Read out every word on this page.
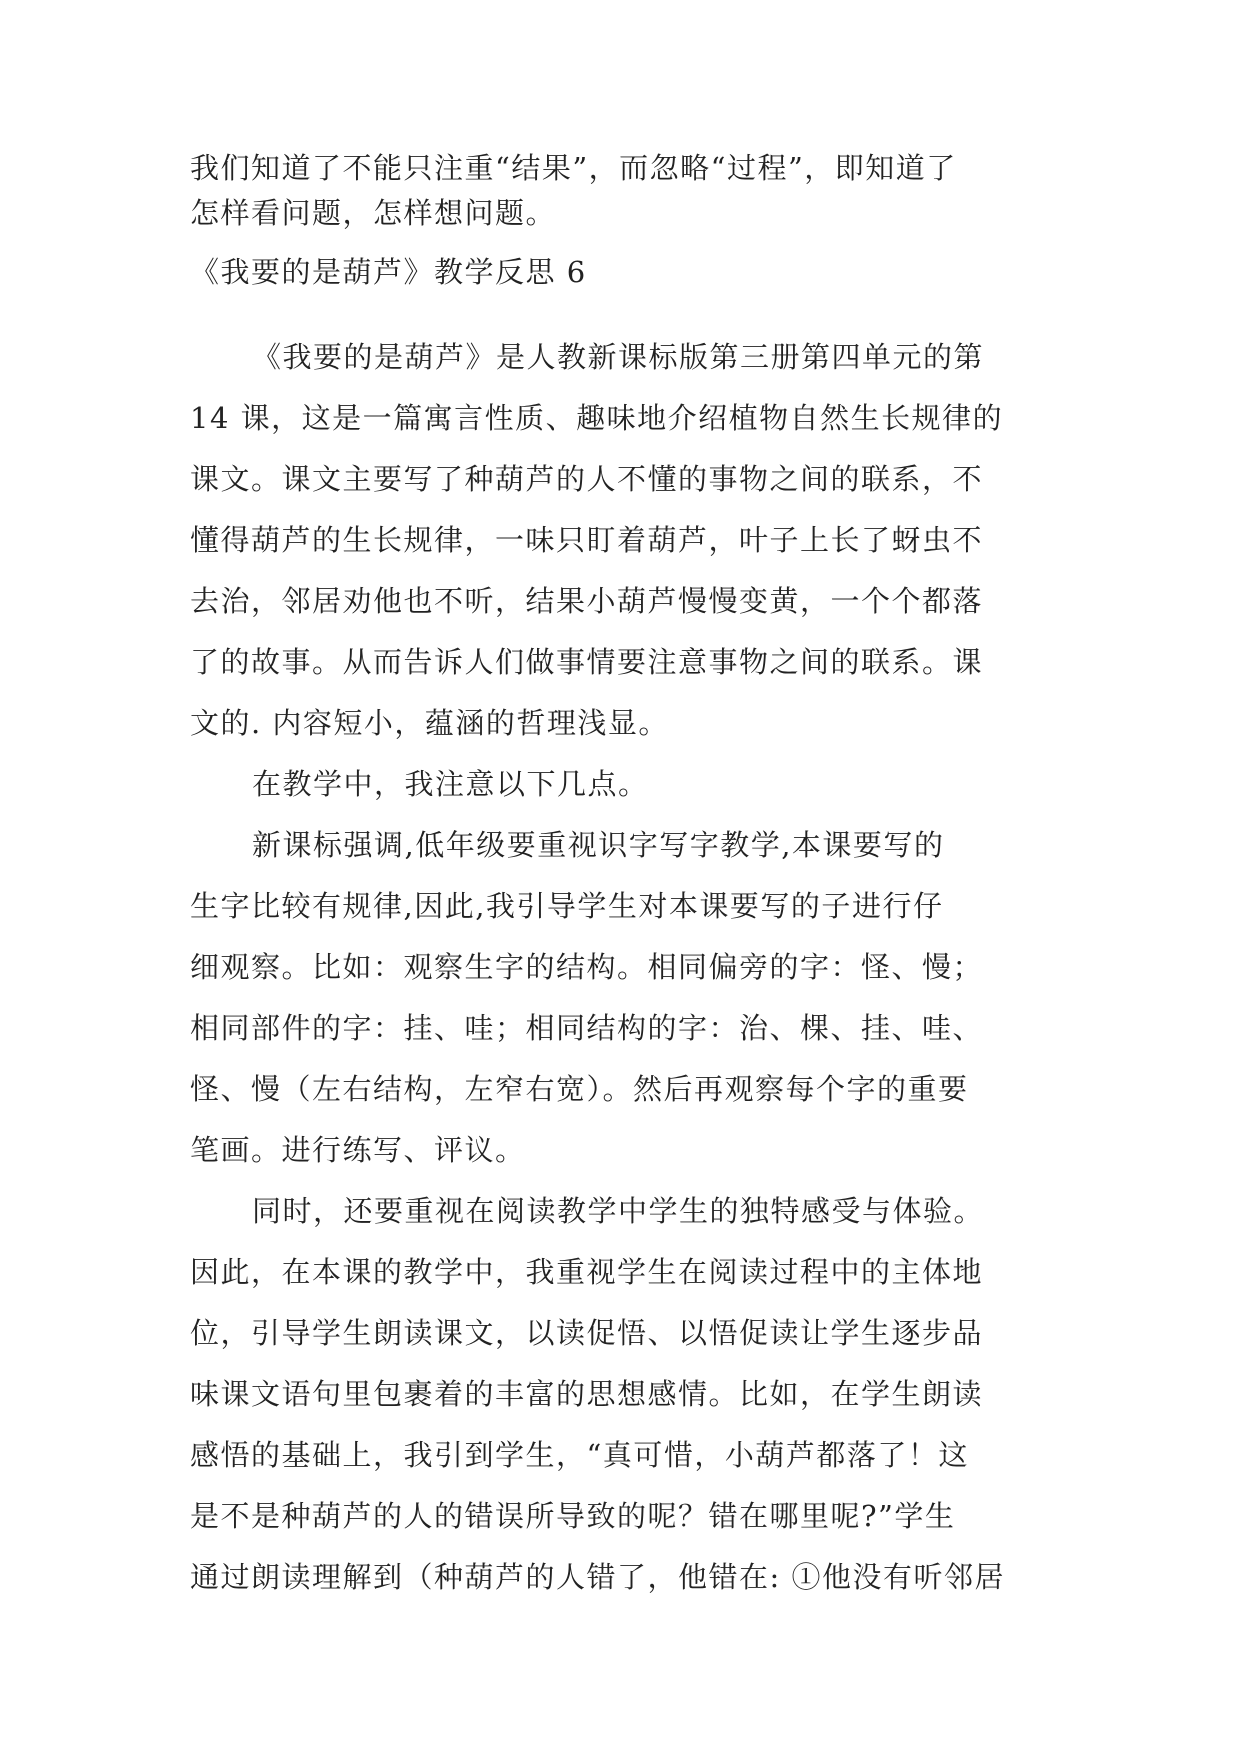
我们知道了不能只注重“结果”，而忽略“过程”，即知道了
怎样看问题，怎样想问题。
《我要的是葫芦》教学反思 6
《我要的是葫芦》是人教新课标版第三册第四单元的第
14 课，这是一篇寓言性质、趣味地介绍植物自然生长规律的
课文。课文主要写了种葫芦的人不懂的事物之间的联系，不
懂得葫芦的生长规律，一味只盯着葫芦，叶子上长了蚜虫不
去治，邻居劝他也不听，结果小葫芦慢慢变黄，一个个都落
了的故事。从而告诉人们做事情要注意事物之间的联系。课
文的. 内容短小，蕴涵的哲理浅显。
在教学中，我注意以下几点。
新课标强调,低年级要重视识字写字教学,本课要写的
生字比较有规律,因此,我引导学生对本课要写的子进行仔
细观察。比如：观察生字的结构。相同偏旁的字：怪、慢；
相同部件的字：挂、哇；相同结构的字：治、棵、挂、哇、
怪、慢（左右结构，左窄右宽）。然后再观察每个字的重要
笔画。进行练写、评议。
同时，还要重视在阅读教学中学生的独特感受与体验。
因此，在本课的教学中，我重视学生在阅读过程中的主体地
位，引导学生朗读课文，以读促悟、以悟促读让学生逐步品
味课文语句里包裹着的丰富的思想感情。比如，在学生朗读
感悟的基础上，我引到学生，“真可惜，小葫芦都落了！这
是不是种葫芦的人的错误所导致的呢？错在哪里呢?”学生
通过朗读理解到（种葫芦的人错了，他错在: ①他没有听邻居
